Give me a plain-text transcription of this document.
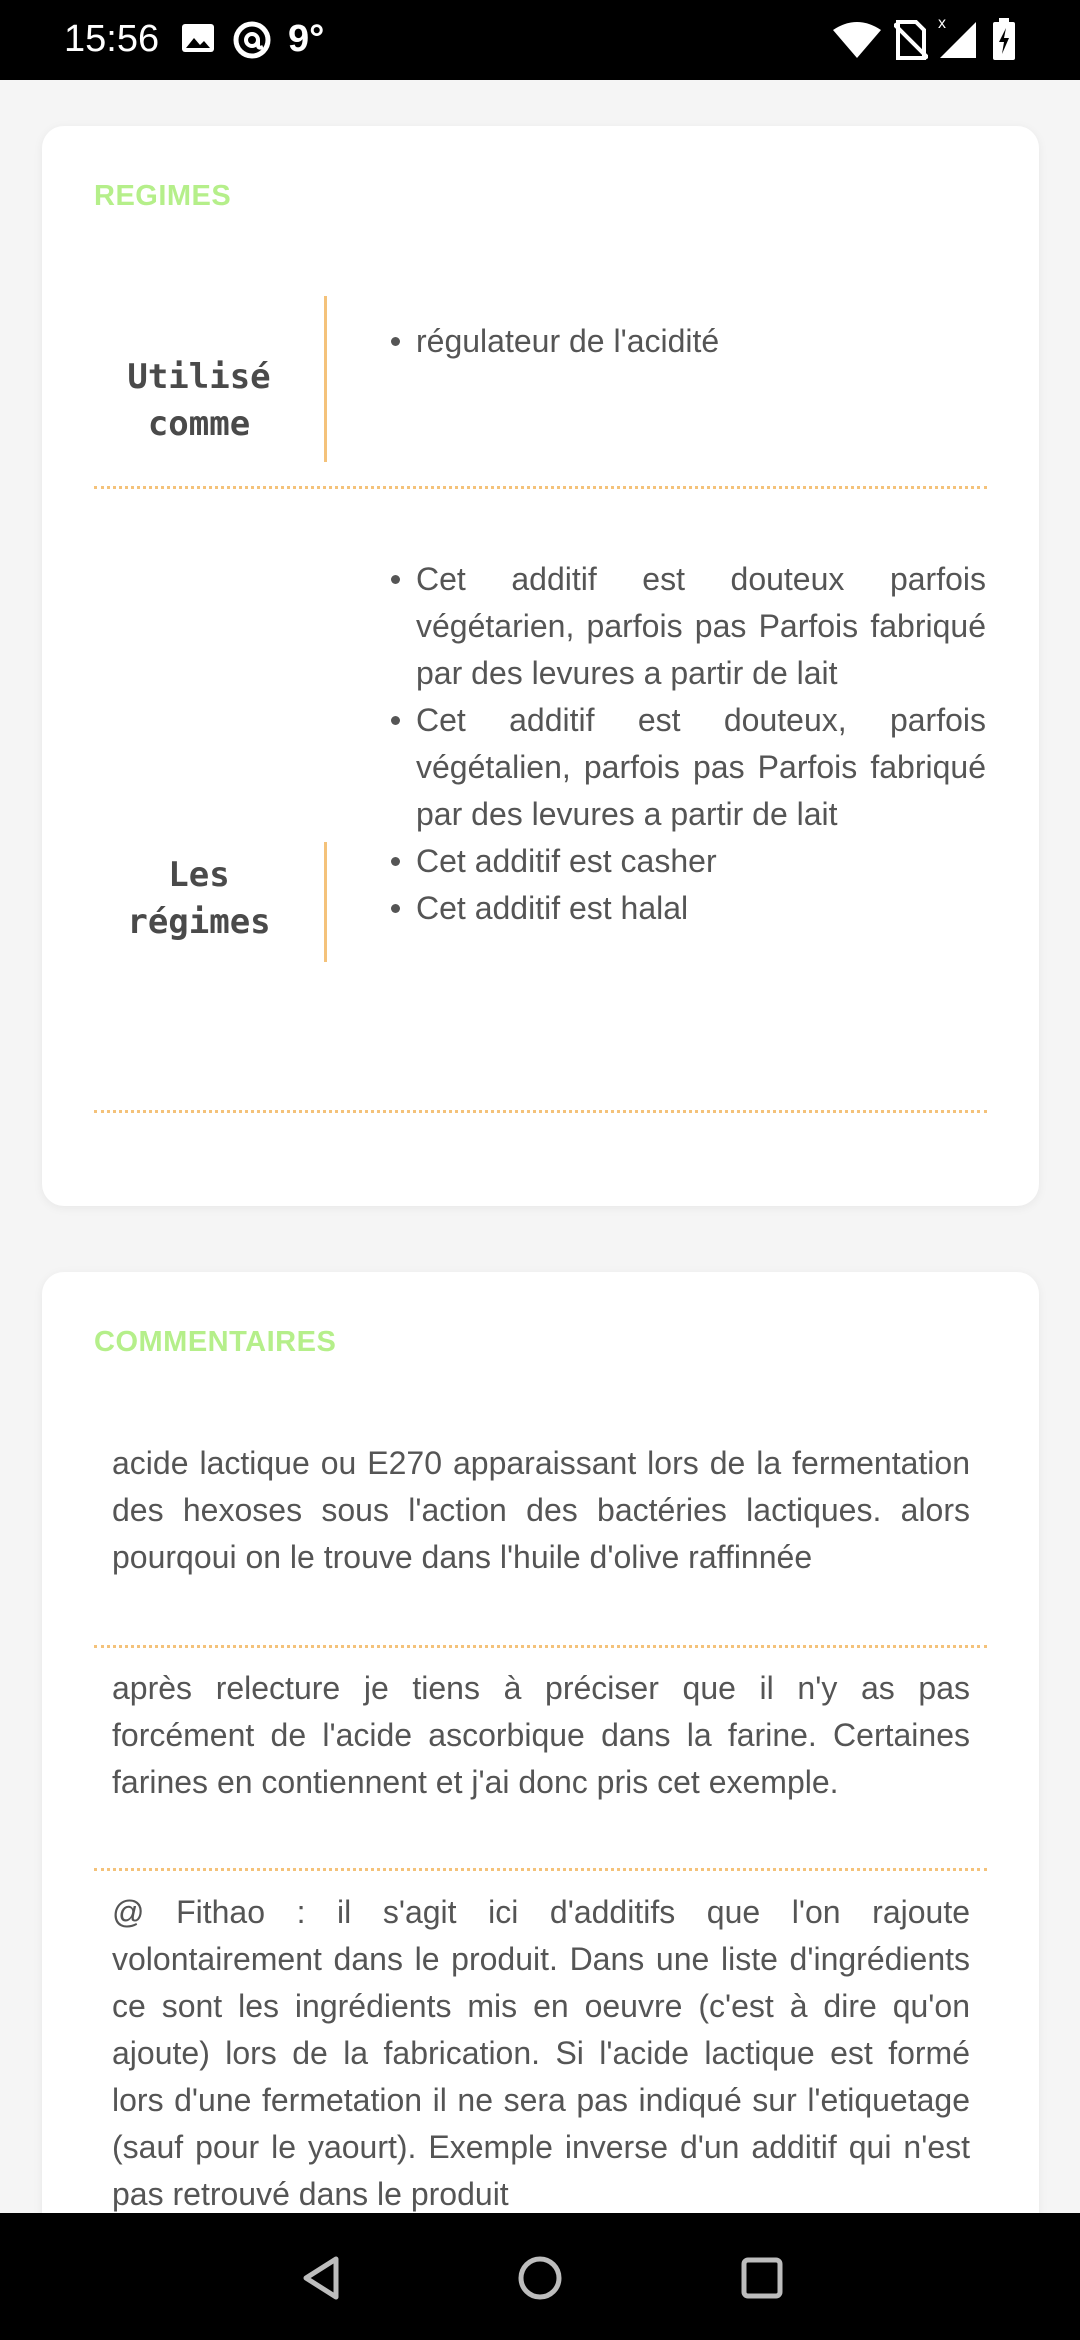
15:56	9°	x
REGIMES
Utilisé comme
régulateur de l'acidité
Les régimes
Cet additif est douteux parfois végétarien, parfois pas Parfois fabriqué par des levures a partir de lait
Cet additif est douteux, parfois végétalien, parfois pas Parfois fabriqué par des levures a partir de lait
Cet additif est casher
Cet additif est halal
COMMENTAIRES

acide lactique ou E270 apparaissant lors de la fermentation des hexoses sous l'action des bactéries lactiques. alors pourqoui on le trouve dans l'huile d'olive raffinnée

après relecture je tiens à préciser que il n'y as pas forcément de l'acide ascorbique dans la farine. Certaines farines en contiennent et j'ai donc pris cet exemple.

@ Fithao : il s'agit ici d'additifs que l'on rajoute volontairement dans le produit. Dans une liste d'ingrédients ce sont les ingrédients mis en oeuvre (c'est à dire qu'on ajoute) lors de la fabrication. Si l'acide lactique est formé lors d'une fermetation il ne sera pas indiqué sur l'etiquetage (sauf pour le yaourt). Exemple inverse d'un additif qui n'est pas retrouvé dans le produit
